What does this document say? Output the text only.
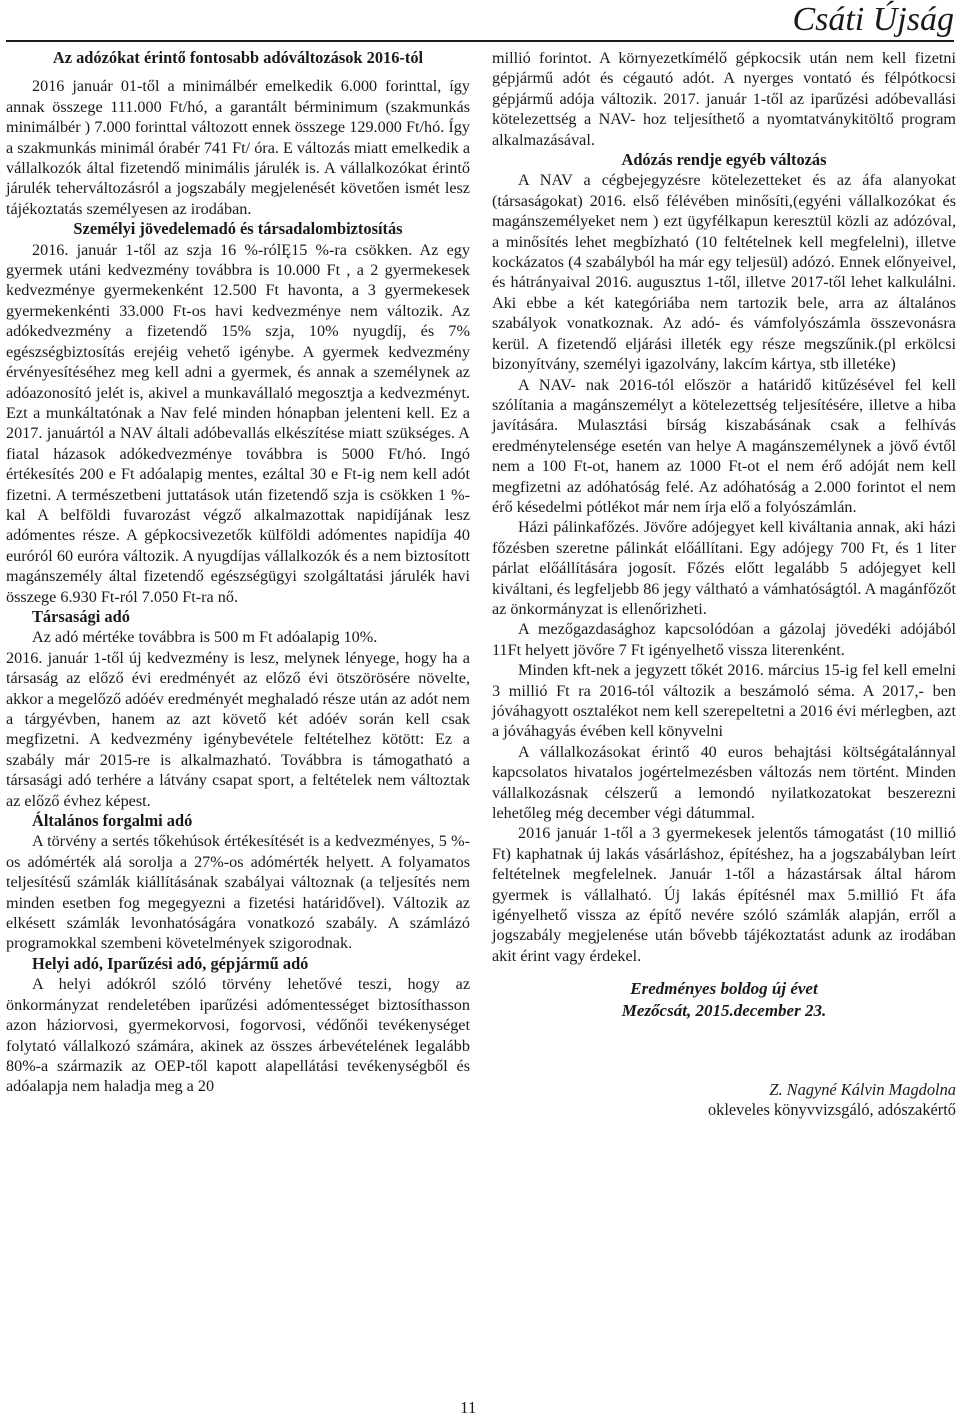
Csáti Újság
Az adózókat érintő fontosabb adóváltozások 2016-tól

2016 január 01-től a minimálbér emelkedik 6.000 forinttal, így annak összege 111.000 Ft/hó, a garantált bérminimum (szakmunkás minimálbér ) 7.000 forinttal változott ennek összege 129.000 Ft/hó. Így a szakmunkás minimál órabér 741 Ft/ óra. E változás miatt emelkedik a vállalkozók által fizetendő minimális járulék is. A vállalkozókat érintő járulék teherváltozásról a jogszabály megjelenését követően ismét lesz tájékoztatás személyesen az irodában.

Személyi jövedelemadó és társadalombiztosítás

2016. január 1-től az szja 16 %-rólĘ15 %-ra csökken. Az egy gyermek utáni kedvezmény továbbra is 10.000 Ft , a 2 gyermekesek kedvezménye gyermekenként 12.500 Ft havonta, a 3 gyermekesek gyermekenkénti 33.000 Ft-os havi kedvezménye nem változik. Az adókedvezmény a fizetendő 15% szja, 10% nyugdíj, és 7% egészségbiztosítás erejéig vehető igénybe. A gyermek kedvezmény érvényesítéséhez meg kell adni a gyermek, és annak a személynek az adóazonosító jelét is, akivel a munkavállaló megosztja a kedvezményt. Ezt a munkáltatónak a Nav felé minden hónapban jelenteni kell. Ez a 2017. januártól a NAV általi adóbevallás elkészítése miatt szükséges. A fiatal házasok adókedvezménye továbbra is 5000 Ft/hó. Ingó értékesítés 200 e Ft adóalapig mentes, ezáltal 30 e Ft-ig nem kell adót fizetni. A természetbeni juttatások után fizetendő szja is csökken 1 %-kal A belföldi fuvarozást végző alkalmazottak napidíjának lesz adómentes része. A gépkocsivezetők külföldi adómentes napidíja 40 euróról 60 euróra változik. A nyugdíjas vállalkozók és a nem biztosított magánszemély által fizetendő egészségügyi szolgáltatási járulék havi összege 6.930 Ft-ról 7.050 Ft-ra nő.

Társasági adó

Az adó mértéke továbbra is 500 m Ft adóalapig 10%.

2016. január 1-től új kedvezmény is lesz, melynek lényege, hogy ha a társaság az előző évi eredményét az előző évi ötszörösére növelte, akkor a megelőző adóév eredményét meghaladó része után az adót nem a tárgyévben, hanem az azt követő két adóév során kell csak megfizetni. A kedvezmény igénybevétele feltételhez kötött: Ez a szabály már 2015-re is alkalmazható. Továbbra is támogatható a társasági adó terhére a látvány csapat sport, a feltételek nem változtak az előző évhez képest.

Általános forgalmi adó

A törvény a sertés tőkehúsok értékesítését is a kedvezményes, 5 %-os adómérték alá sorolja a 27%-os adómérték helyett. A folyamatos teljesítésű számlák kiállításának szabályai változnak (a teljesítés nem minden esetben fog megegyezni a fizetési határidővel). Változik az elkésett számlák levonhatóságára vonatkozó szabály. A számlázó programokkal szembeni követelmények szigorodnak.

Helyi adó, Iparűzési adó, gépjármű adó

A helyi adókról szóló törvény lehetővé teszi, hogy az önkormányzat rendeletében iparűzési adómentességet biztosíthasson azon háziorvosi, gyermekorvosi, fogorvosi, védőnői tevékenységet folytató vállalkozó számára, akinek az összes árbevételének legalább 80%-a származik az OEP-től kapott alapellátási tevékenységből és adóalapja nem haladja meg a 20

millió forintot. A környezetkímélő gépkocsik után nem kell fizetni gépjármű adót és cégautó adót. A nyerges vontató és félpótkocsi gépjármű adója változik. 2017. január 1-től az iparűzési adóbevallási kötelezettség a NAV- hoz teljesíthető a nyomtatványkitöltő program alkalmazásával.

Adózás rendje egyéb változás

A NAV a cégbejegyzésre kötelezetteket és az áfa alanyokat (társaságokat) 2016. első félévében minősíti,(egyéni vállalkozókat és magánszemélyeket nem ) ezt ügyfélkapun keresztül közli az adózóval, a minősítés lehet megbízható (10 feltételnek kell megfelelni), illetve kockázatos (4 szabályból ha már egy teljesül) adózó. Ennek előnyeivel, és hátrányaival 2016. augusztus 1-től, illetve 2017-től lehet kalkulálni. Aki ebbe a két kategóriába nem tartozik bele, arra az általános szabályok vonatkoznak. Az adó- és vámfolyószámla összevonásra kerül. A fizetendő eljárási illeték egy része megszűnik.(pl erkölcsi bizonyítvány, személyi igazolvány, lakcím kártya, stb illetéke)

A NAV- nak 2016-tól először a határidő kitűzésével fel kell szólítania a magánszemélyt a kötelezettség teljesítésére, illetve a hiba javítására. Mulasztási bírság kiszabásának csak a felhívás eredménytelensége esetén van helye A magánszemélynek a jövő évtől nem a 100 Ft-ot, hanem az 1000 Ft-ot el nem érő adóját nem kell megfizetni az adóhatóság felé. Az adóhatóság a 2.000 forintot el nem érő késedelmi pótlékot már nem írja elő a folyószámlán.

Házi pálinkafőzés. Jövőre adójegyet kell kiváltania annak, aki házi főzésben szeretne pálinkát előállítani. Egy adójegy 700 Ft, és 1 liter párlat előállítására jogosít. Főzés előtt legalább 5 adójegyet kell kiváltani, és legfeljebb 86 jegy váltható a vámhatóságtól. A magánfőzőt az önkormányzat is ellenőrizheti.

A mezőgazdasághoz kapcsolódóan a gázolaj jövedéki adójából 11Ft helyett jövőre 7 Ft igényelhető vissza literenként.

Minden kft-nek a jegyzett tőkét 2016. március 15-ig fel kell emelni 3 millió Ft ra 2016-tól változik a beszámoló séma. A 2017,- ben jóváhagyott osztalékot nem kell szerepeltetni a 2016 évi mérlegben, azt a jóváhagyás évében kell könyvelni

A vállalkozásokat érintő 40 euros behajtási költségátalánnyal kapcsolatos hivatalos jogértelmezésben változás nem történt. Minden vállalkozásnak célszerű a lemondó nyilatkozatokat beszerezni lehetőleg még december végi dátummal.

2016 január 1-től a 3 gyermekesek jelentős támogatást (10 millió Ft) kaphatnak új lakás vásárláshoz, építéshez, ha a jogszabályban leírt feltételnek megfelelnek. Január 1-től a házastársak által három gyermek is vállalható. Új lakás építésnél max 5.millió Ft áfa igényelhető vissza az építő nevére szóló számlák alapján, erről a jogszabály megjelenése után bővebb tájékoztatást adunk az irodában akit érint vagy érdekel.

Eredményes boldog új évet
Mezőcsát, 2015.december 23.
Z. Nagyné Kálvin Magdolna
okleveles könyvvizsgáló, adószakértő
11
